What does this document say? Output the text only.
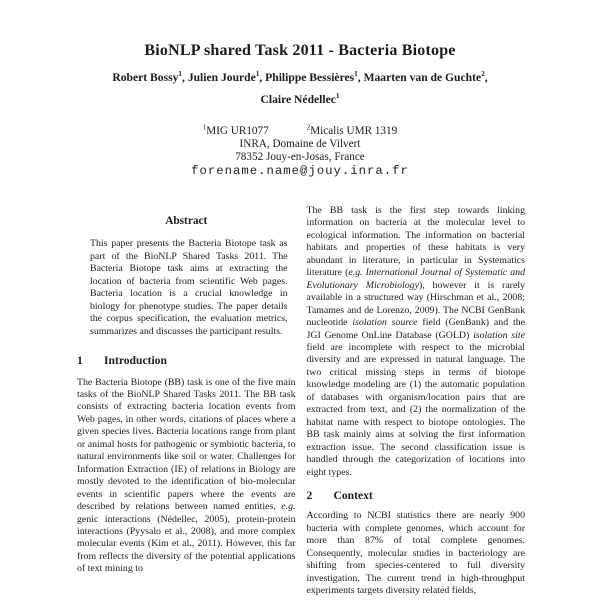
BioNLP shared Task 2011 - Bacteria Biotope
Robert Bossy$^1$, Julien Jourde$^1$, Philippe Bessières$^1$, Maarten van de Guchte$^2$,
Claire Nédellec$^1$
$^1$MIG UR1077	$^2$Micalis UMR 1319
INRA, Domaine de Vilvert
78352 Jouy-en-Josas, France
forename.name@jouy.inra.fr
Abstract

This paper presents the Bacteria Biotope task as part of the BioNLP Shared Tasks 2011. The Bacteria Biotope task aims at extracting the location of bacteria from scientific Web pages. Bacteria location is a crucial knowledge in biology for phenotype studies. The paper details the corpus specification, the evaluation metrics, summarizes and discusses the participant results.

1 Introduction

The Bacteria Biotope (BB) task is one of the five main tasks of the BioNLP Shared Tasks 2011. The BB task consists of extracting bacteria location events from Web pages, in other words, citations of places where a given species lives. Bacteria locations range from plant or animal hosts for pathogenic or symbiotic bacteria, to natural environments like soil or water. Challenges for Information Extraction (IE) of relations in Biology are mostly devoted to the identification of bio-molecular events in scientific papers where the events are described by relations between named entities, e.g. genic interactions (Nédellec, 2005), protein-protein interactions (Pyysalo et al., 2008), and more complex molecular events (Kim et al., 2011). However, this far from reflects the diversity of the potential applications of text mining to

The BB task is the first step towards linking information on bacteria at the molecular level to ecological information. The information on bacterial habitats and properties of these habitats is very abundant in literature, in particular in Systematics literature (e.g. International Journal of Systematic and Evolutionary Microbiology), however it is rarely available in a structured way (Hirschman et al., 2008; Tamames and de Lorenzo, 2009). The NCBI GenBank nucleotide isolation source field (GenBank) and the JGI Genome OnLine Database (GOLD) isolation site field are incomplete with respect to the microbial diversity and are expressed in natural language. The two critical missing steps in terms of biotope knowledge modeling are (1) the automatic population of databases with organism/location pairs that are extracted from text, and (2) the normalization of the habitat name with respect to biotope ontologies. The BB task mainly aims at solving the first information extraction issue. The second classification issue is handled through the categorization of locations into eight types.

2 Context

According to NCBI statistics there are nearly 900 bacteria with complete genomes, which account for more than 87% of total complete genomes. Consequently, molecular studies in bacteriology are shifting from species-centered to full diversity investigation. The current trend in high-throughput experiments targets diversity related fields,
